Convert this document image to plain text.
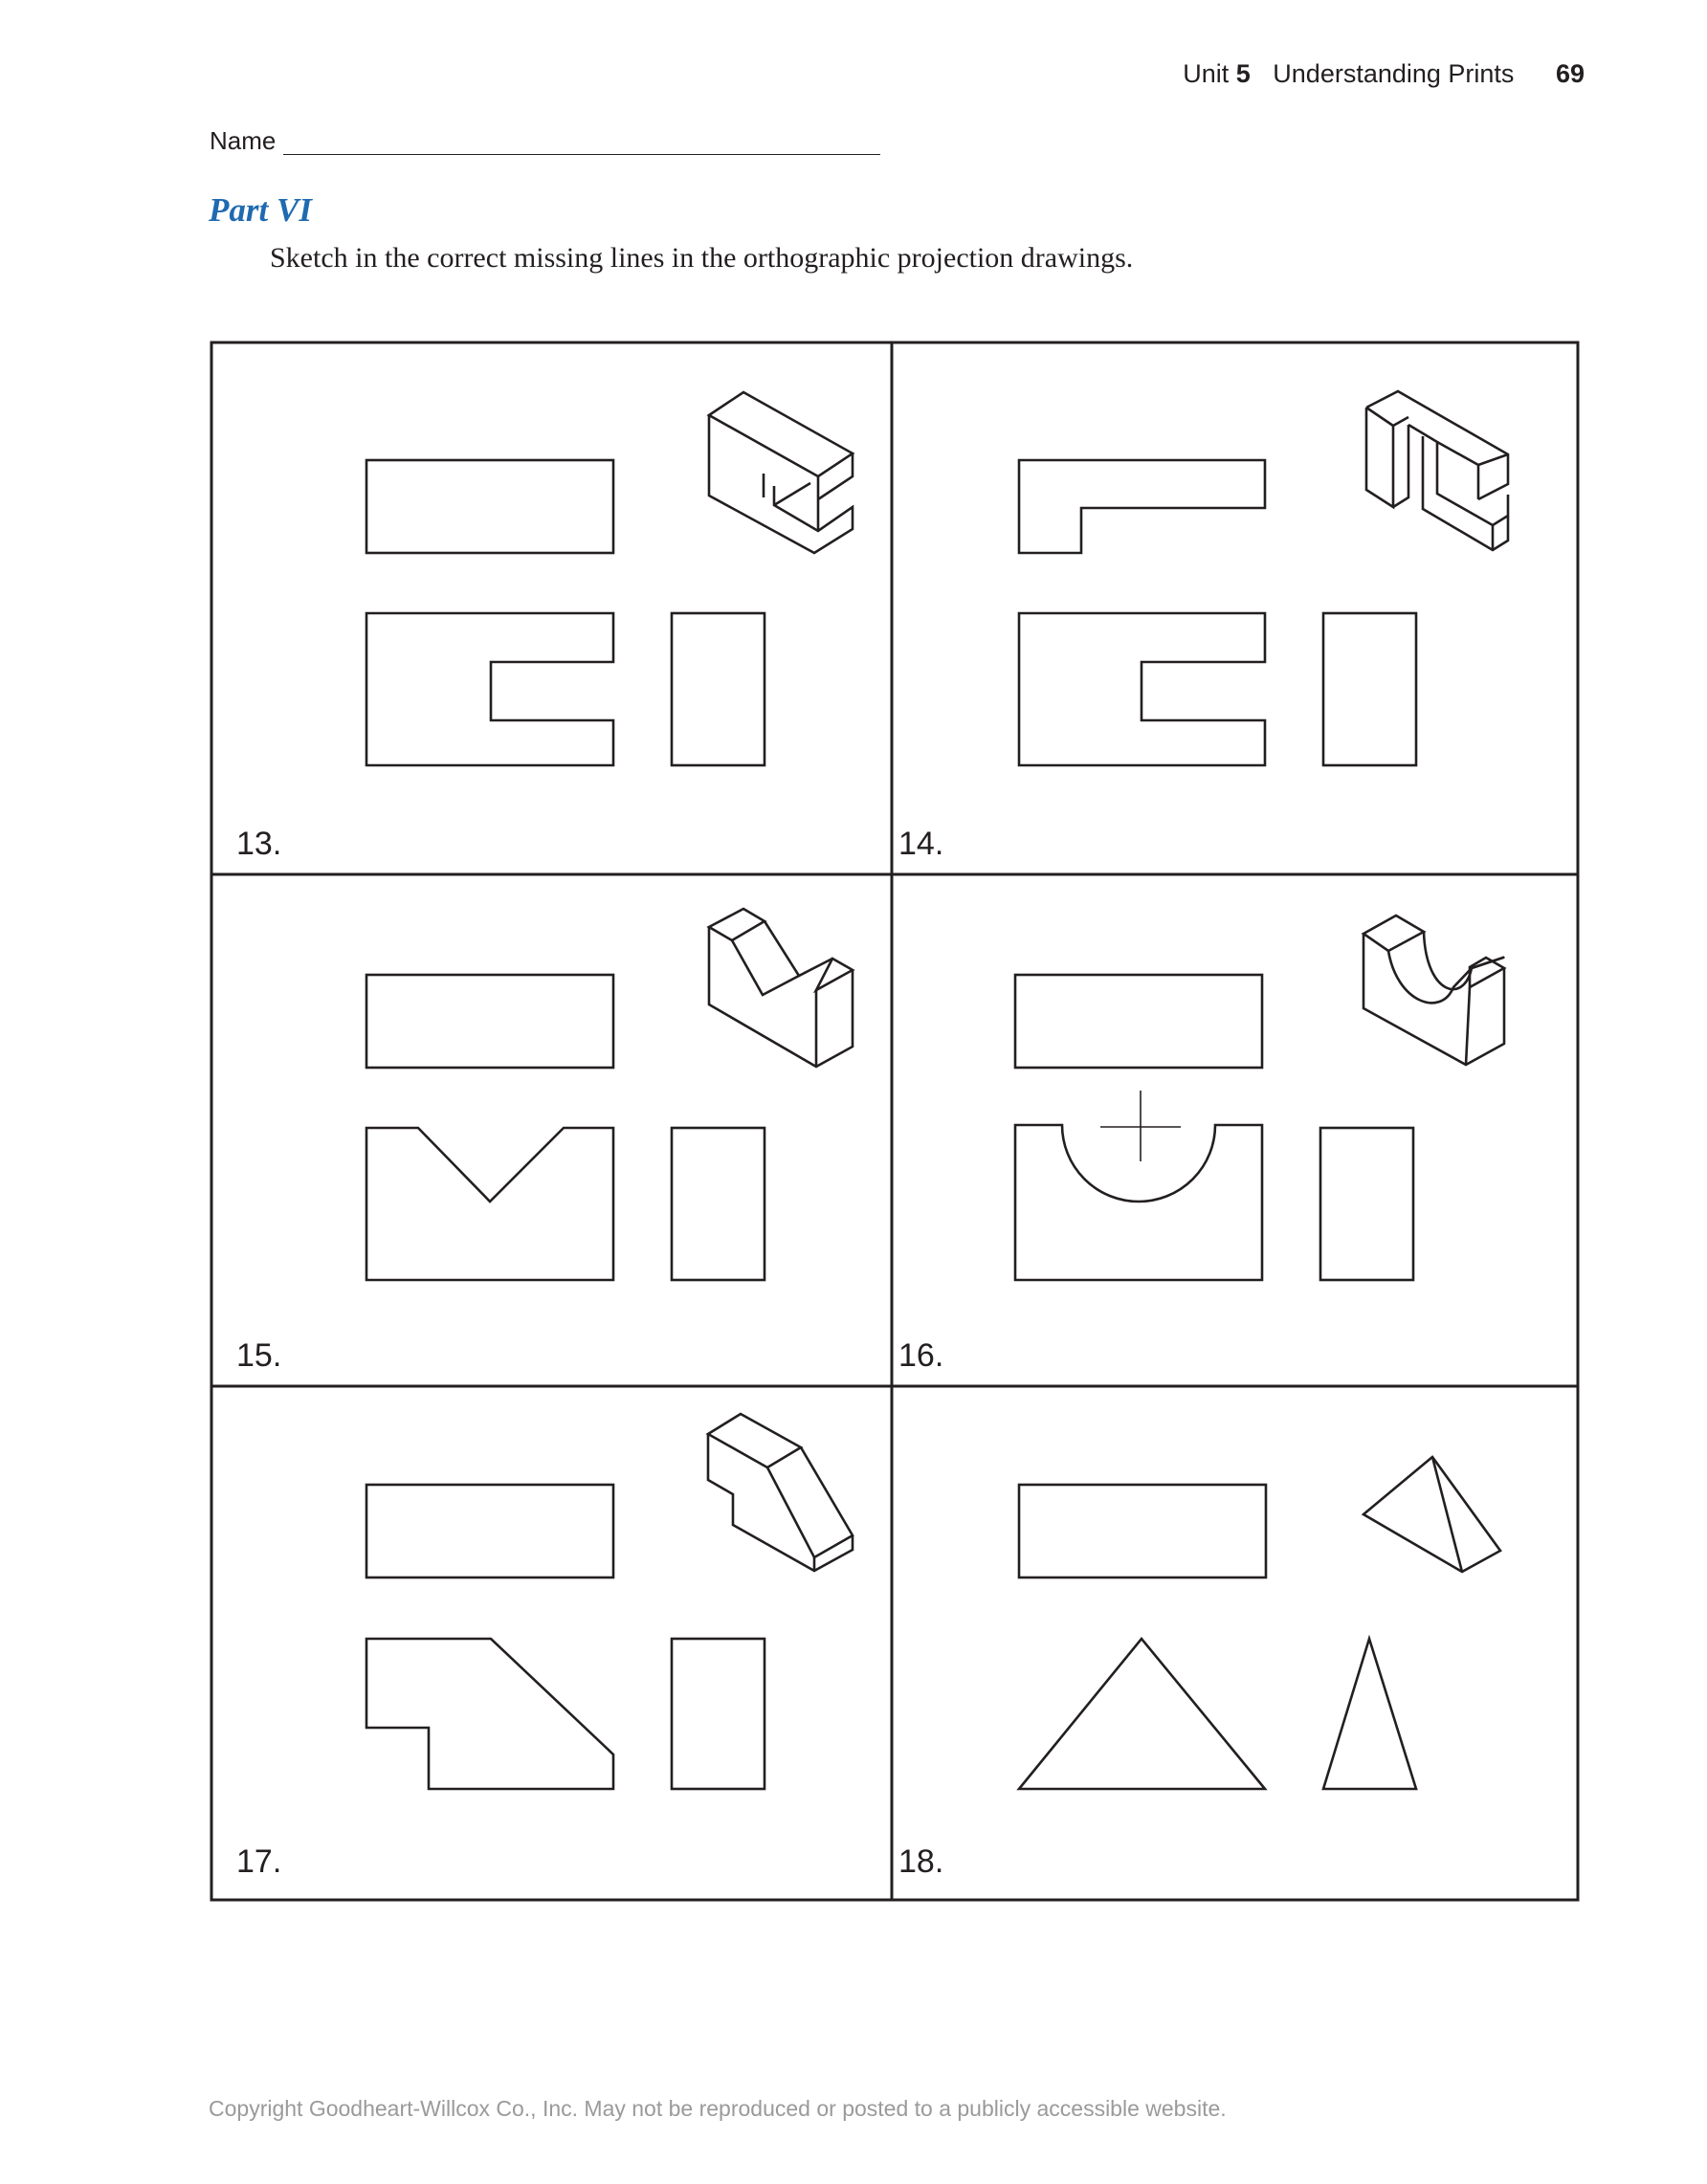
Unit 5 Understanding Prints 69
Name
Part VI
Sketch in the correct missing lines in the orthographic projection drawings.
13.	14.
15.	16.
17.	18.
Copyright Goodheart-Willcox Co., Inc. May not be reproduced or posted to a publicly accessible website.
